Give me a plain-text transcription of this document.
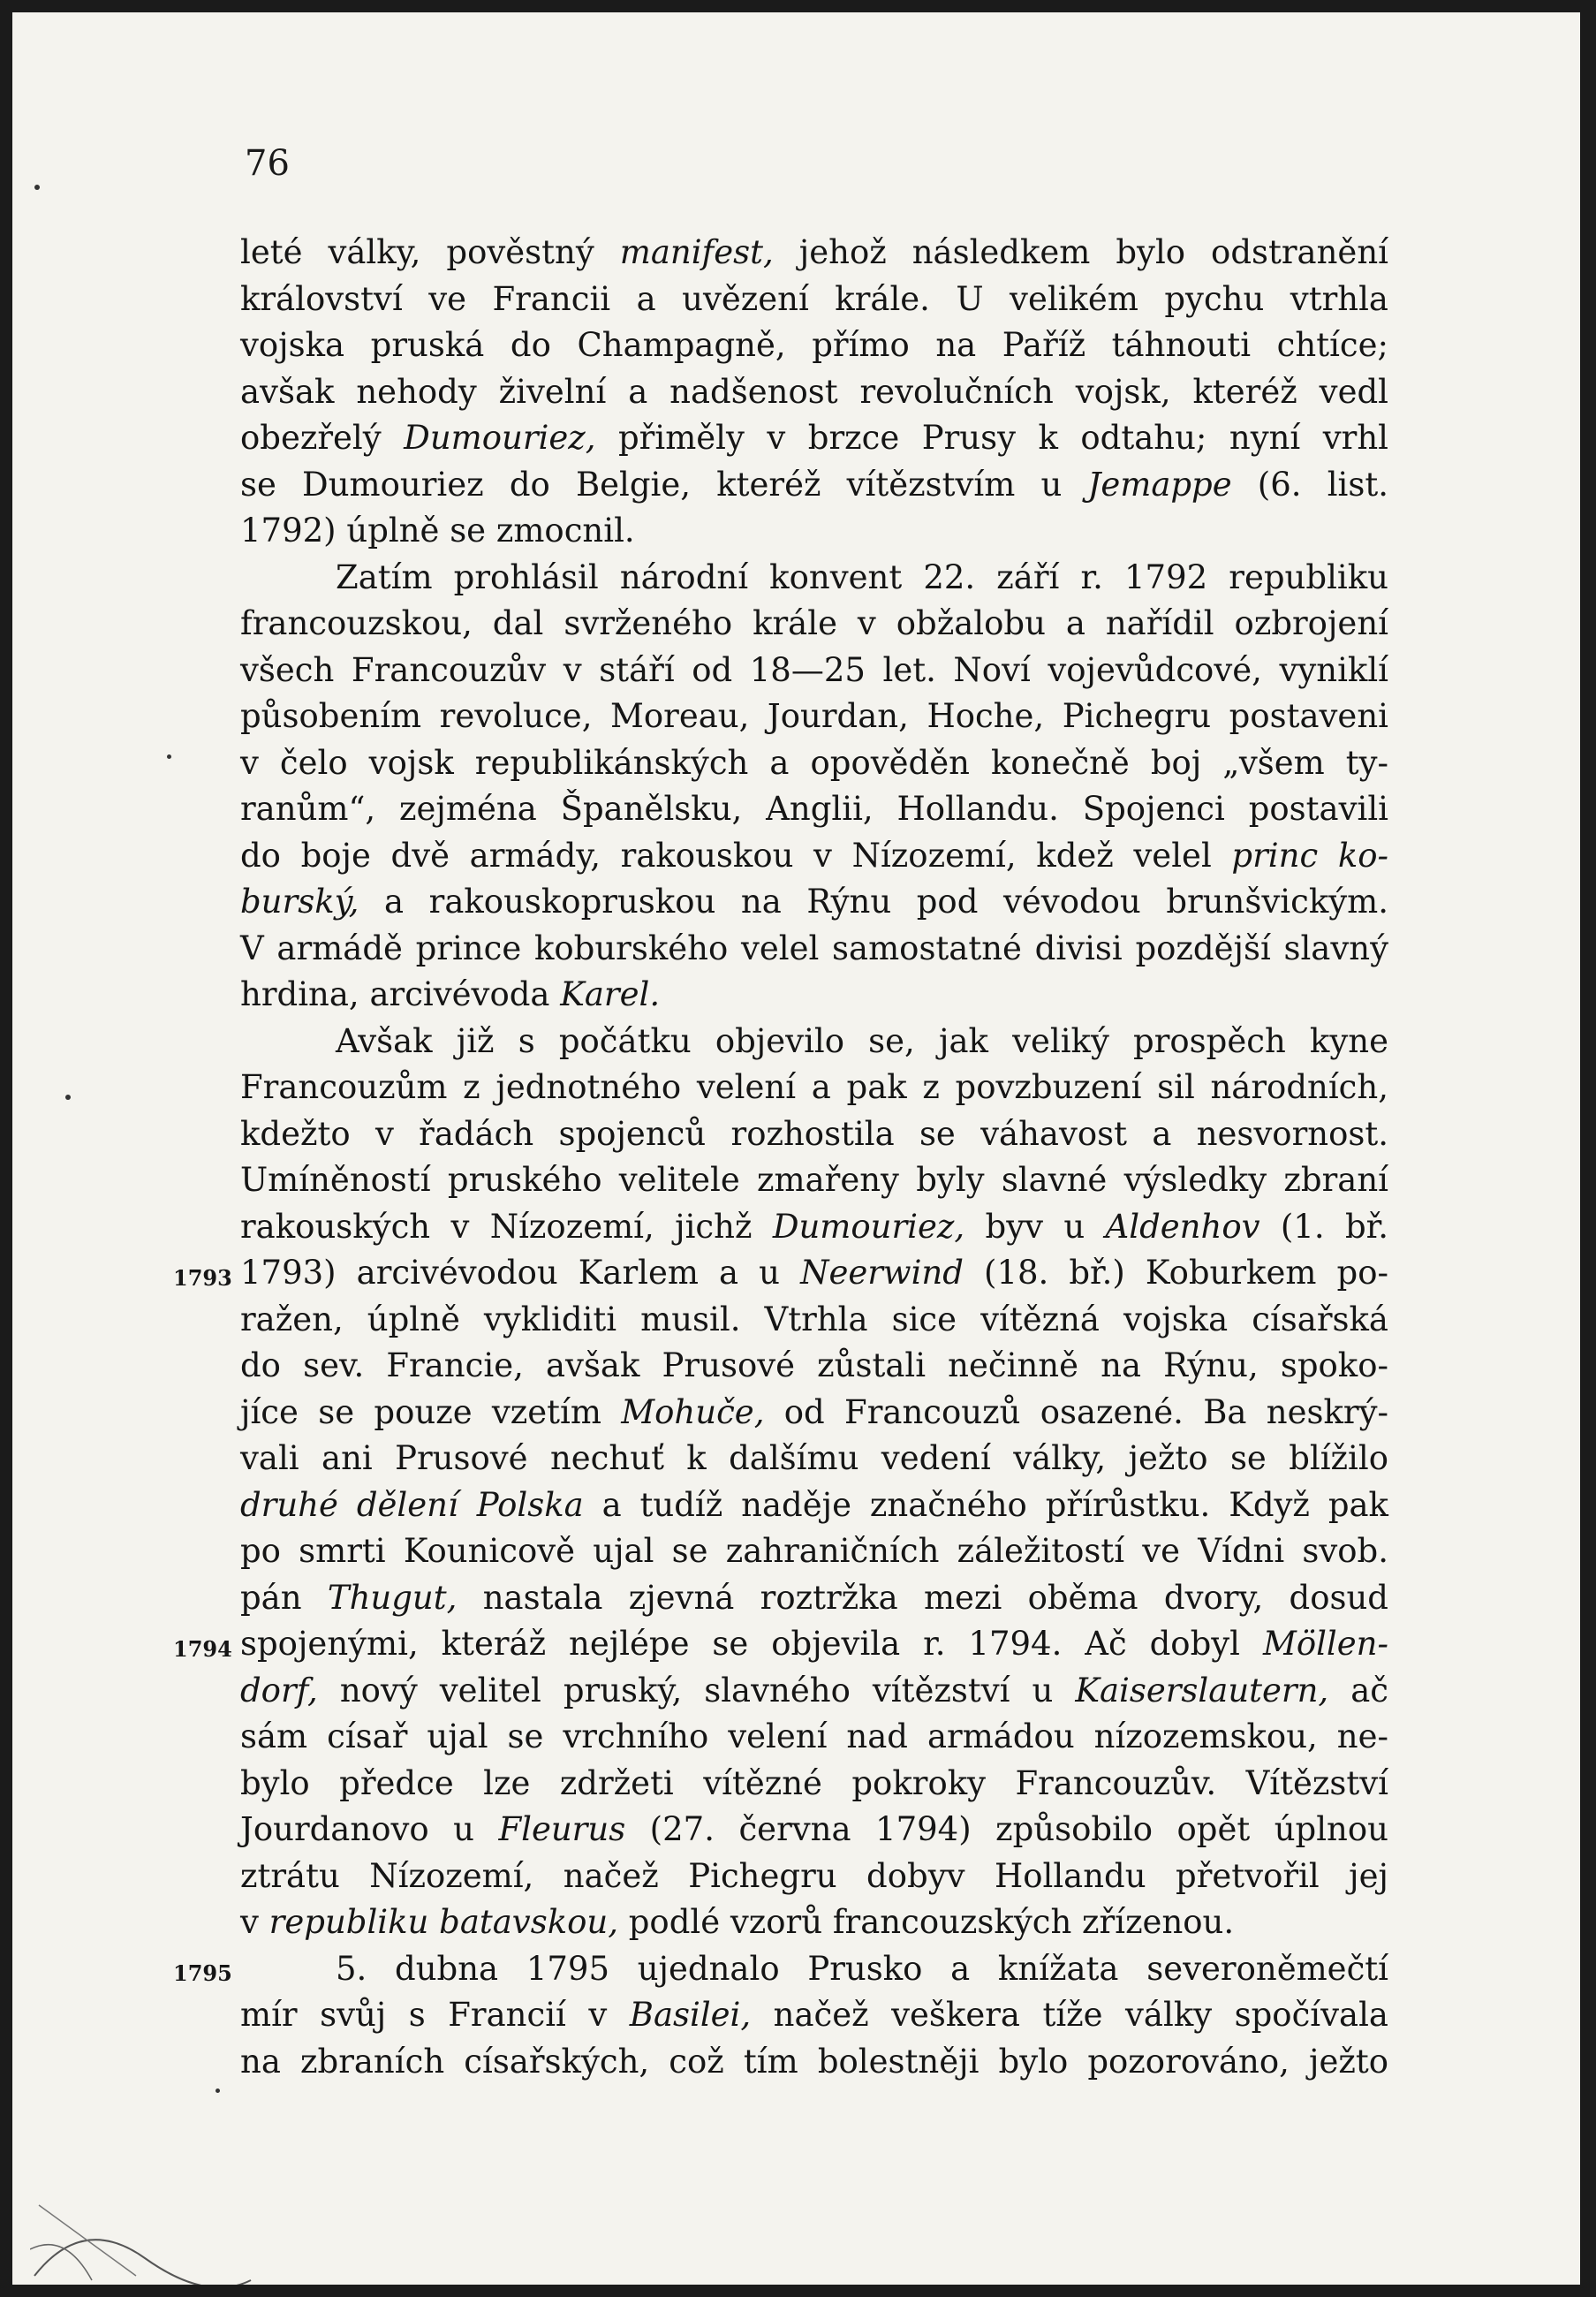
76
1793
1794
1795
leté války, pověstný manifest, jehož následkem bylo odstranění
království ve Francii a uvězení krále. U velikém pychu vtrhla
vojska pruská do Champagně, přímo na Paříž táhnouti chtíce;
avšak nehody živelní a nadšenost revolučních vojsk, kteréž vedl
obezřelý Dumouriez, přiměly v brzce Prusy k odtahu; nyní vrhl
se Dumouriez do Belgie, kteréž vítězstvím u Jemappe (6. list.
1792) úplně se zmocnil.
Zatím prohlásil národní konvent 22. září r. 1792 republiku
francouzskou, dal svrženého krále v obžalobu a nařídil ozbrojení
všech Francouzův v stáří od 18—25 let. Noví vojevůdcové, vyniklí
působením revoluce, Moreau, Jourdan, Hoche, Pichegru postaveni
v čelo vojsk republikánských a opověděn konečně boj „všem ty-
ranům“, zejména Španělsku, Anglii, Hollandu. Spojenci postavili
do boje dvě armády, rakouskou v Nízozemí, kdež velel princ ko-
burský, a rakouskopruskou na Rýnu pod vévodou brunšvickým.
V armádě prince koburského velel samostatné divisi pozdější slavný
hrdina, arcivévoda Karel.
Avšak již s počátku objevilo se, jak veliký prospěch kyne
Francouzům z jednotného velení a pak z povzbuzení sil národních,
kdežto v řadách spojenců rozhostila se váhavost a nesvornost.
Umíněností pruského velitele zmařeny byly slavné výsledky zbraní
rakouských v Nízozemí, jichž Dumouriez, byv u Aldenhov (1. bř.
1793) arcivévodou Karlem a u Neerwind (18. bř.) Koburkem po-
ražen, úplně vykliditi musil. Vtrhla sice vítězná vojska císařská
do sev. Francie, avšak Prusové zůstali nečinně na Rýnu, spoko-
jíce se pouze vzetím Mohuče, od Francouzů osazené. Ba neskrý-
vali ani Prusové nechuť k dalšímu vedení války, ježto se blížilo
druhé dělení Polska a tudíž naděje značného přírůstku. Když pak
po smrti Kounicově ujal se zahraničních záležitostí ve Vídni svob.
pán Thugut, nastala zjevná roztržka mezi oběma dvory, dosud
spojenými, kteráž nejlépe se objevila r. 1794. Ač dobyl Möllen-
dorf, nový velitel pruský, slavného vítězství u Kaiserslautern, ač
sám císař ujal se vrchního velení nad armádou nízozemskou, ne-
bylo předce lze zdržeti vítězné pokroky Francouzův. Vítězství
Jourdanovo u Fleurus (27. června 1794) způsobilo opět úplnou
ztrátu Nízozemí, načež Pichegru dobyv Hollandu přetvořil jej
v republiku batavskou, podlé vzorů francouzských zřízenou.
5. dubna 1795 ujednalo Prusko a knížata severoněmečtí
mír svůj s Francií v Basilei, načež veškera tíže války spočívala
na zbraních císařských, což tím bolestněji bylo pozorováno, ježto
